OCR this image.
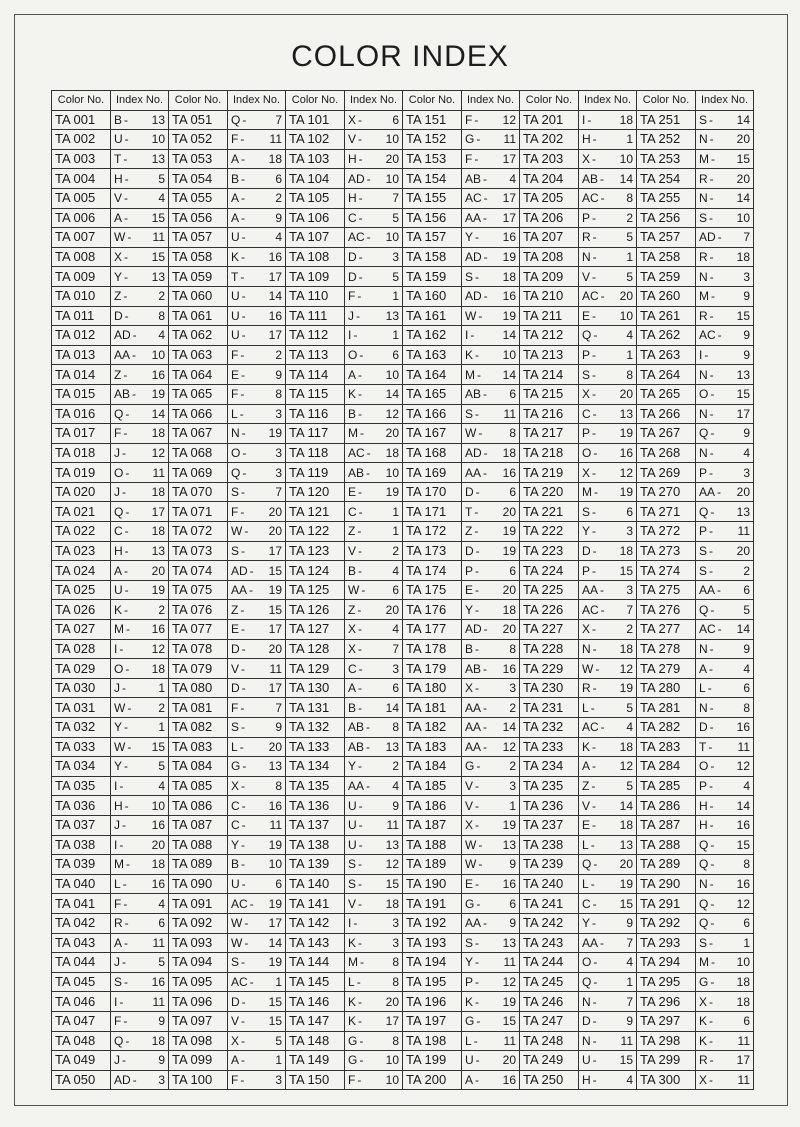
COLOR INDEX
Color No.	Index No.	Color No.	Index No.	Color No.	Index No.	Color No.	Index No.	Color No.	Index No.	Color No.	Index No.
TA 001	B - 13	TA 051	Q - 7	TA 101	X - 6	TA 151	F - 12	TA 201	I - 18	TA 251	S - 14

TA 002	U - 10	TA 052	F - 11	TA 102	V - 10	TA 152	G - 11	TA 202	H - 1	TA 252	N - 20

TA 003	T - 13	TA 053	A - 18	TA 103	H - 20	TA 153	F - 17	TA 203	X - 10	TA 253	M - 15

TA 004	H - 5	TA 054	B - 6	TA 104	AD - 10	TA 154	AB - 4	TA 204	AB - 14	TA 254	R - 20

TA 005	V - 4	TA 055	A - 2	TA 105	H - 7	TA 155	AC - 17	TA 205	AC - 8	TA 255	N - 14

TA 006	A - 15	TA 056	A - 9	TA 106	C - 5	TA 156	AA - 17	TA 206	P - 2	TA 256	S - 10

TA 007	W - 11	TA 057	U - 4	TA 107	AC - 10	TA 157	Y - 16	TA 207	R - 5	TA 257	AD - 7

TA 008	X - 15	TA 058	K - 16	TA 108	D - 3	TA 158	AD - 19	TA 208	N - 1	TA 258	R - 18

TA 009	Y - 13	TA 059	T - 17	TA 109	D - 5	TA 159	S - 18	TA 209	V - 5	TA 259	N - 3

TA 010	Z - 2	TA 060	U - 14	TA 110	F - 1	TA 160	AD - 16	TA 210	AC - 20	TA 260	M - 9

TA 011	D - 8	TA 061	U - 16	TA 111	J - 13	TA 161	W - 19	TA 211	E - 10	TA 261	R - 15

TA 012	AD - 4	TA 062	U - 17	TA 112	I - 1	TA 162	I - 14	TA 212	Q - 4	TA 262	AC - 9

TA 013	AA - 10	TA 063	F - 2	TA 113	O - 6	TA 163	K - 10	TA 213	P - 1	TA 263	I - 9

TA 014	Z - 16	TA 064	E - 9	TA 114	A - 10	TA 164	M - 14	TA 214	S - 8	TA 264	N - 13

TA 015	AB - 19	TA 065	F - 8	TA 115	K - 14	TA 165	AB - 6	TA 215	X - 20	TA 265	O - 15

TA 016	Q - 14	TA 066	L - 3	TA 116	B - 12	TA 166	S - 11	TA 216	C - 13	TA 266	N - 17

TA 017	F - 18	TA 067	N - 19	TA 117	M - 20	TA 167	W - 8	TA 217	P - 19	TA 267	Q - 9

TA 018	J - 12	TA 068	O - 3	TA 118	AC - 18	TA 168	AD - 18	TA 218	O - 16	TA 268	N - 4

TA 019	O - 11	TA 069	Q - 3	TA 119	AB - 10	TA 169	AA - 16	TA 219	X - 12	TA 269	P - 3

TA 020	J - 18	TA 070	S - 7	TA 120	E - 19	TA 170	D - 6	TA 220	M - 19	TA 270	AA - 20

TA 021	Q - 17	TA 071	F - 20	TA 121	C - 1	TA 171	T - 20	TA 221	S - 6	TA 271	Q - 13

TA 022	C - 18	TA 072	W - 20	TA 122	Z - 1	TA 172	Z - 19	TA 222	Y - 3	TA 272	P - 11

TA 023	H - 13	TA 073	S - 17	TA 123	V - 2	TA 173	D - 19	TA 223	D - 18	TA 273	S - 20

TA 024	A - 20	TA 074	AD - 15	TA 124	B - 4	TA 174	P - 6	TA 224	P - 15	TA 274	S - 2

TA 025	U - 19	TA 075	AA - 19	TA 125	W - 6	TA 175	E - 20	TA 225	AA - 3	TA 275	AA - 6

TA 026	K - 2	TA 076	Z - 15	TA 126	Z - 20	TA 176	Y - 18	TA 226	AC - 7	TA 276	Q - 5

TA 027	M - 16	TA 077	E - 17	TA 127	X - 4	TA 177	AD - 20	TA 227	X - 2	TA 277	AC - 14

TA 028	I - 12	TA 078	D - 20	TA 128	X - 7	TA 178	B - 8	TA 228	N - 18	TA 278	N - 9

TA 029	O - 18	TA 079	V - 11	TA 129	C - 3	TA 179	AB - 16	TA 229	W - 12	TA 279	A - 4

TA 030	J - 1	TA 080	D - 17	TA 130	A - 6	TA 180	X - 3	TA 230	R - 19	TA 280	L - 6

TA 031	W - 2	TA 081	F - 7	TA 131	B - 14	TA 181	AA - 2	TA 231	L - 5	TA 281	N - 8

TA 032	Y - 1	TA 082	S - 9	TA 132	AB - 8	TA 182	AA - 14	TA 232	AC - 4	TA 282	D - 16

TA 033	W - 15	TA 083	L - 20	TA 133	AB - 13	TA 183	AA - 12	TA 233	K - 18	TA 283	T - 11

TA 034	Y - 5	TA 084	G - 13	TA 134	Y - 2	TA 184	G - 2	TA 234	A - 12	TA 284	O - 12

TA 035	I - 4	TA 085	X - 8	TA 135	AA - 4	TA 185	V - 3	TA 235	Z - 5	TA 285	P - 4

TA 036	H - 10	TA 086	C - 16	TA 136	U - 9	TA 186	V - 1	TA 236	V - 14	TA 286	H - 14

TA 037	J - 16	TA 087	C - 11	TA 137	U - 11	TA 187	X - 19	TA 237	E - 18	TA 287	H - 16

TA 038	I - 20	TA 088	Y - 19	TA 138	U - 13	TA 188	W - 13	TA 238	L - 13	TA 288	Q - 15

TA 039	M - 18	TA 089	B - 10	TA 139	S - 12	TA 189	W - 9	TA 239	Q - 20	TA 289	Q - 8

TA 040	L - 16	TA 090	U - 6	TA 140	S - 15	TA 190	E - 16	TA 240	L - 19	TA 290	N - 16

TA 041	F - 4	TA 091	AC - 19	TA 141	V - 18	TA 191	G - 6	TA 241	C - 15	TA 291	Q - 12

TA 042	R - 6	TA 092	W - 17	TA 142	I - 3	TA 192	AA - 9	TA 242	Y - 9	TA 292	Q - 6

TA 043	A - 11	TA 093	W - 14	TA 143	K - 3	TA 193	S - 13	TA 243	AA - 7	TA 293	S - 1

TA 044	J - 5	TA 094	S - 19	TA 144	M - 8	TA 194	Y - 11	TA 244	O - 4	TA 294	M - 10

TA 045	S - 16	TA 095	AC - 1	TA 145	L - 8	TA 195	P - 12	TA 245	Q - 1	TA 295	G - 18

TA 046	I - 11	TA 096	D - 15	TA 146	K - 20	TA 196	K - 19	TA 246	N - 7	TA 296	X - 18

TA 047	F - 9	TA 097	V - 15	TA 147	K - 17	TA 197	G - 15	TA 247	D - 9	TA 297	K - 6

TA 048	Q - 18	TA 098	X - 5	TA 148	G - 8	TA 198	L - 11	TA 248	N - 11	TA 298	K - 11

TA 049	J - 9	TA 099	A - 1	TA 149	G - 10	TA 199	U - 20	TA 249	U - 15	TA 299	R - 17

TA 050	AD - 3	TA 100	F - 3	TA 150	F - 10	TA 200	A - 16	TA 250	H - 4	TA 300	X - 11
